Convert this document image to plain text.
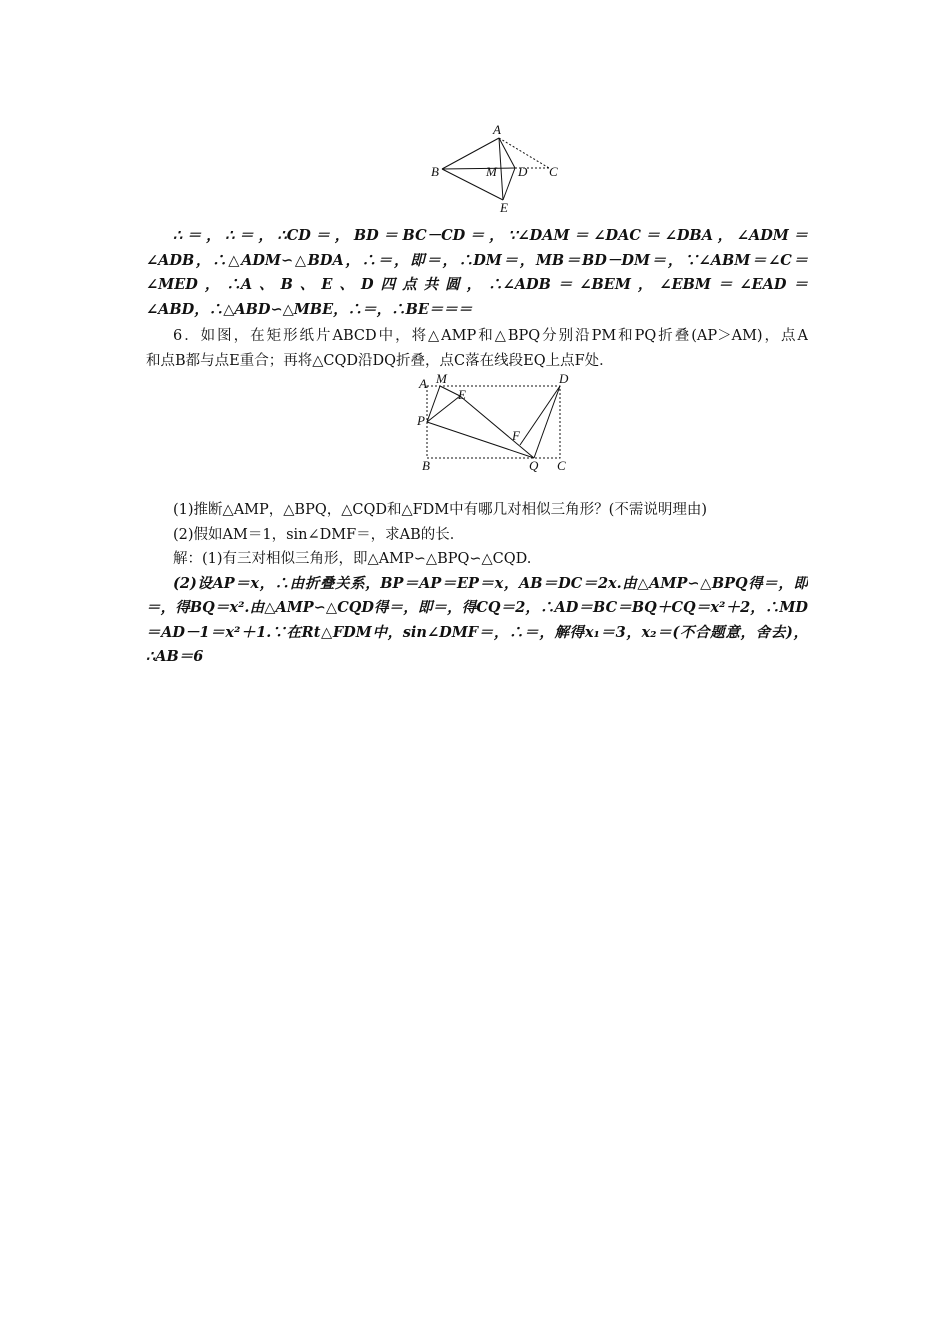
A
B	M D C
E
∴＝，∴＝，∴CD＝，BD＝BC－CD＝，∵∠DAM＝∠DAC＝∠DBA，∠ADM＝
∠ADB，∴△ADM∽△BDA，∴＝，即＝，∴DM＝，MB＝BD－DM＝，∵∠ABM＝∠C＝
∠MED，∴A、B、E、D四点共圆，∴∠ADB＝∠BEM，∠EBM＝∠EAD＝
∠ABD，∴△ABD∽△MBE，∴＝，∴BE＝＝＝
6．如图，在矩形纸片ABCD中，将△AMP和△BPQ分别沿PM和PQ折叠(AP＞AM)，点A
和点B都与点E重合；再将△CQD沿DQ折叠，点C落在线段EQ上点F处．
A M
E
D
P
F
B	Q C
(1)推断△AMP，△BPQ，△CQD和△FDM中有哪几对相似三角形？(不需说明理由)
(2)假如AM＝1，sin∠DMF＝，求AB的长．
解：(1)有三对相似三角形，即△AMP∽△BPQ∽△CQD.
(2)设AP＝x，∴由折叠关系，BP＝AP＝EP＝x，AB＝DC＝2x.由△AMP∽△BPQ得＝，即
＝，得BQ＝x².由△AMP∽△CQD得＝，即＝，得CQ＝2，∴AD＝BC＝BQ＋CQ＝x²＋2，∴MD
＝AD－1＝x²＋1.∵在Rt△FDM中，sin∠DMF＝，∴＝，解得x₁＝3，x₂＝(不合题意，舍去)，
∴AB＝6
